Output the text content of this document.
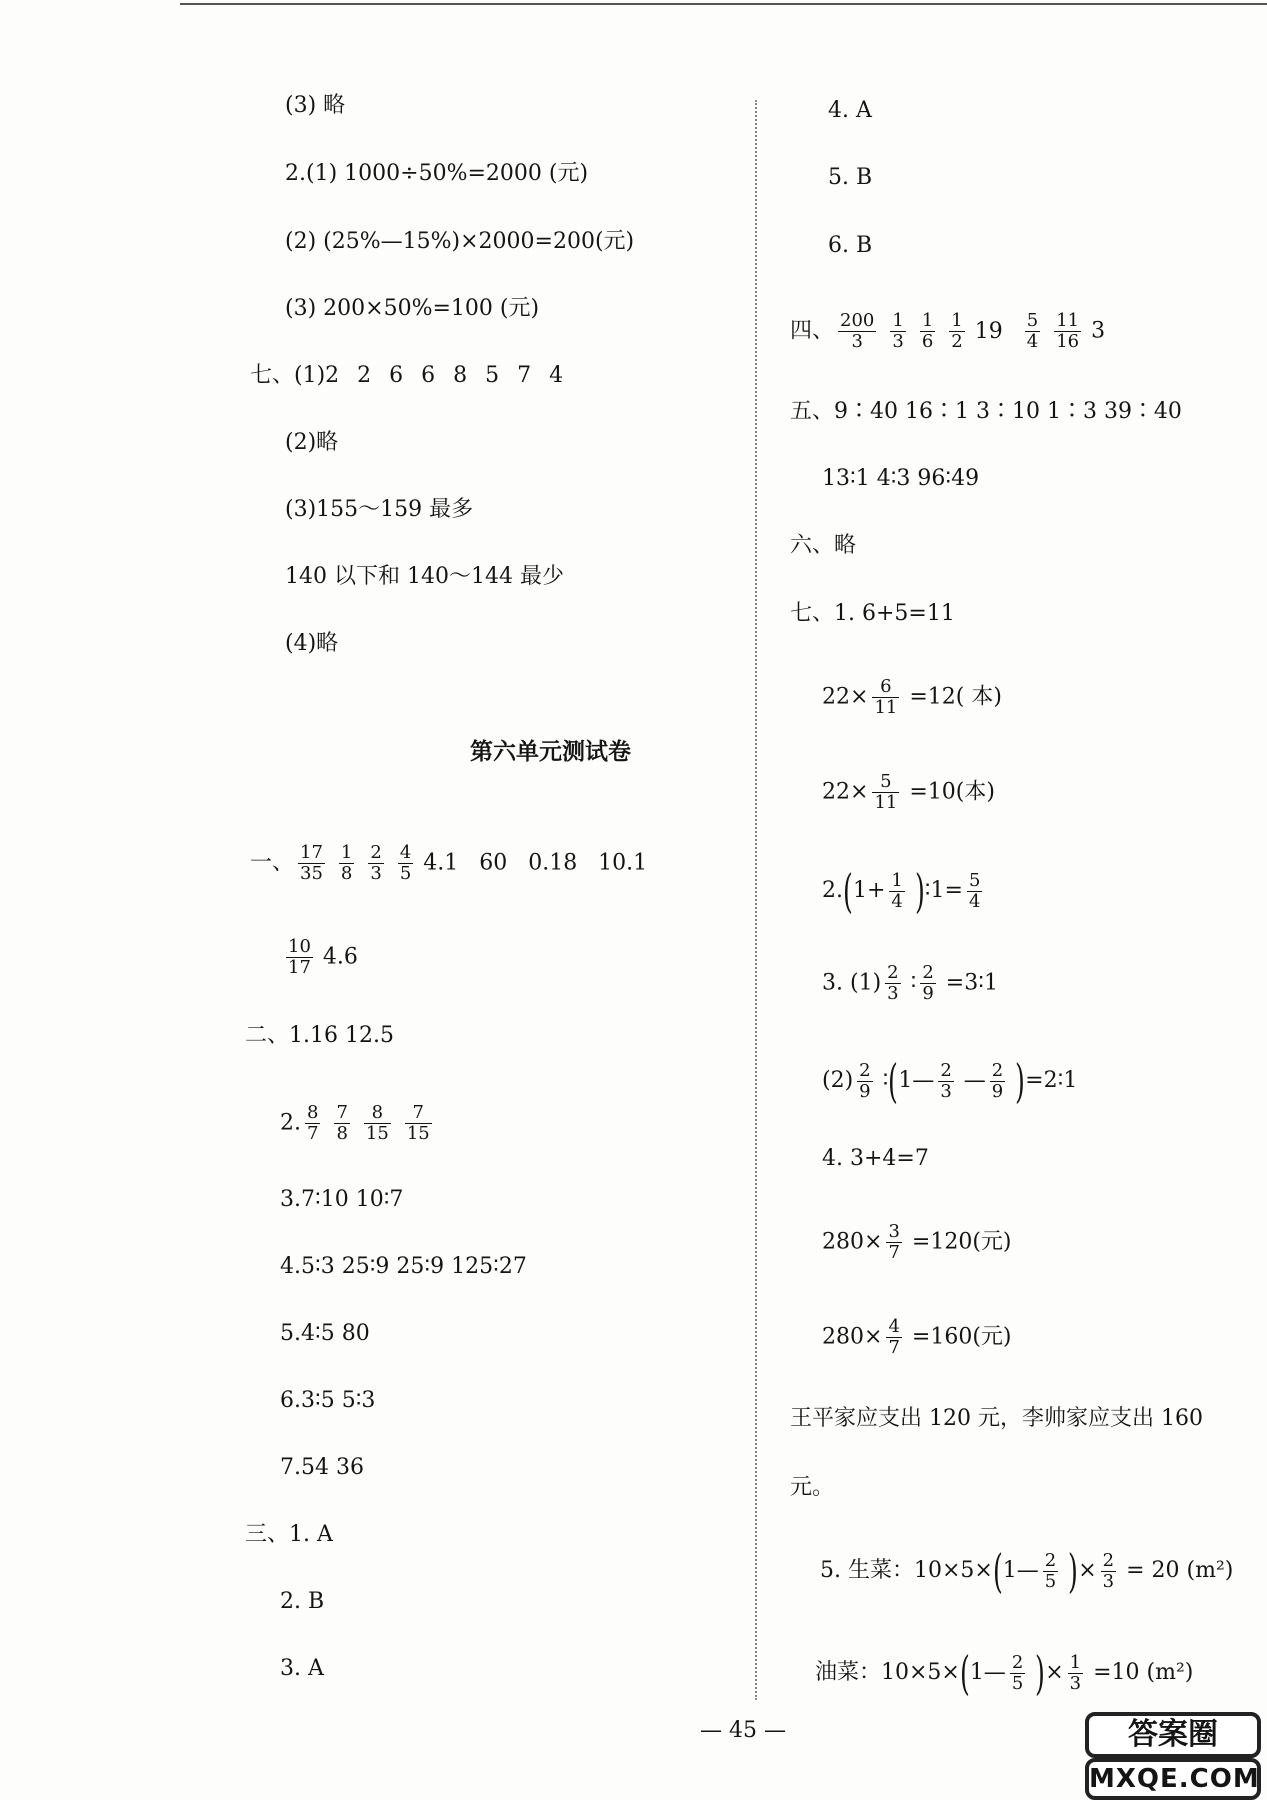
(3) 略
2.(1) 1000÷50%=2000 (元)
(2) (25%—15%)×2000=200(元)
(3) 200×50%=100 (元)
七、(1)2 2 6 6 8 5 7 4
(2)略
(3)155～159 最多
140 以下和 140～144 最少
(4)略
第六单元测试卷
一、 $\frac{17}{35} \frac{1}{8} \frac{2}{3} \frac{4}{5} 4.1$   60   0.18   10.1
$\frac{10}{17} 4.6$
二、1.16 12.5
2. $\frac{8}{7} \frac{7}{8} \frac{8}{15} \frac{7}{15}$
3.7∶10 10∶7
4.5∶3 25∶9 25∶9 125∶27
5.4∶5 80
6.3∶5 5∶3
7.54 36
三、1. A
2. B
3. A
4. A
5. B
6. B
四、 $\frac{200}{3} \frac{1}{3} \frac{1}{6} \frac{1}{2} 19 \frac{5}{4} \frac{11}{16} 3$
五、9∶40 16∶1 3∶10 1∶3 39∶40
13∶1 4∶3 96∶49
六、略
七、1. 6+5=11
$22\times \frac{6}{11} =12$( 本)
$22\times \frac{5}{11} =10$(本)
$2.(1+ \frac{1}{4}$ )∶1= $\frac{5}{4}$
3. $(1) \frac{2}{3}$ ∶ $\frac{2}{9}$ =3∶1
$(2) \frac{2}{9}$ ∶(1— $\frac{2}{3}$ — $\frac{2}{9}$ )=2∶1
4. 3+4=7
$280\times \frac{3}{7} =120$(元)
$280\times \frac{4}{7} =160$(元)
王平家应支出 120 元，李帅家应支出 160
元。
5. 生菜：10×5×(1— $\frac{2}{5}$ )× $\frac{2}{3} = 20$ (m²)
油菜：10×5×(1— $\frac{2}{5}$ )× $\frac{1}{3} =10$ (m²)
— 45 —	答案圈
MXQE.COM
